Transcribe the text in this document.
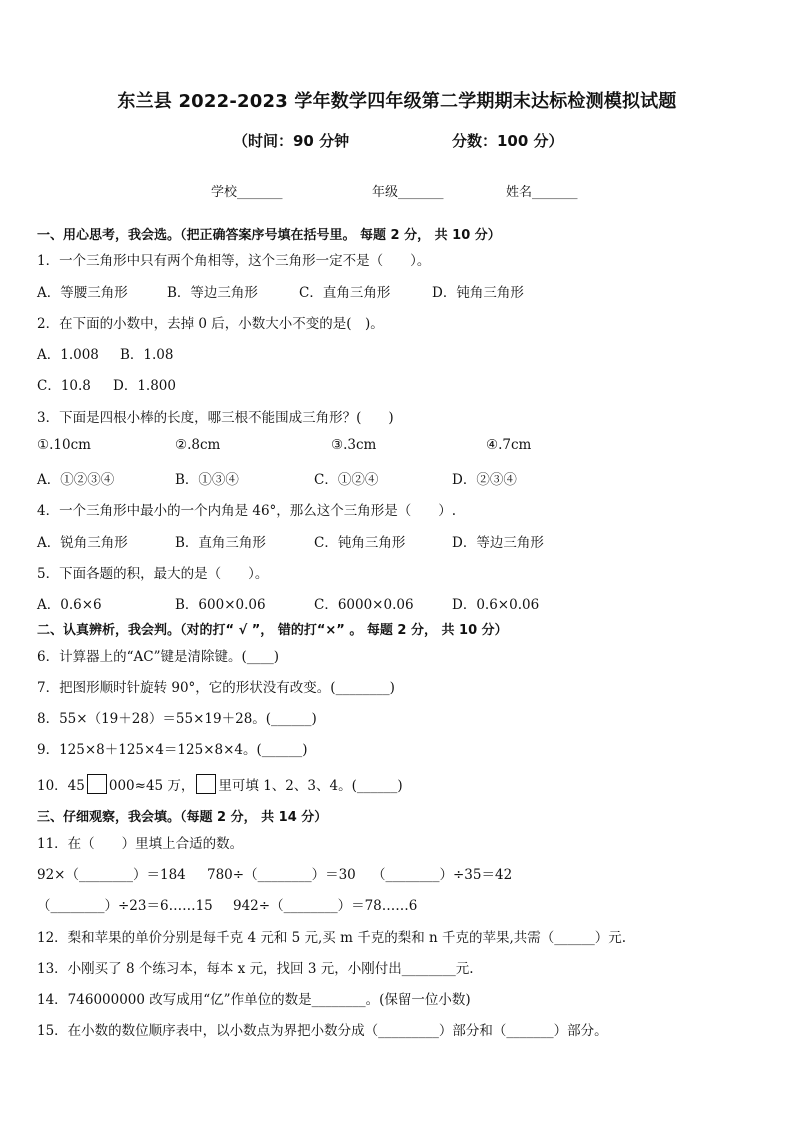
东兰县 2022-2023 学年数学四年级第二学期期末达标检测模拟试题
（时间：90 分钟	分数：100 分）
学校_______	年级_______	姓名_______
一、用心思考，我会选。（把正确答案序号填在括号里。 每题 2 分， 共 10 分）
1．一个三角形中只有两个角相等，这个三角形一定不是（　　）。
A．等腰三角形	B．等边三角形	C．直角三角形	D．钝角三角形
2．在下面的小数中，去掉 0 后，小数大小不变的是(　)。
A．1.008 B．1.08
C．10.8 D．1.800
3．下面是四根小棒的长度，哪三根不能围成三角形？(　　)
①.10cm	②.8cm	③.3cm	④.7cm
A．①②③④	B．①③④	C．①②④	D．②③④
4．一个三角形中最小的一个内角是 46°，那么这个三角形是（　　）.
A．锐角三角形	B．直角三角形	C．钝角三角形	D．等边三角形
5．下面各题的积，最大的是（　　）。
A．0.6×6	B．600×0.06	C．6000×0.06	D．0.6×0.06
二、认真辨析，我会判。（对的打“ √ ”， 错的打“×” 。 每题 2 分， 共 10 分）
6．计算器上的“AC”键是清除键。(____)
7．把图形顺时针旋转 90°，它的形状没有改变。(________)
8．55×（19＋28）＝55×19＋28。(______)
9．125×8＋125×4＝125×8×4。(______)
10．45 000≈45 万， 里可填 1、2、3、4。(______)
三、仔细观察，我会填。（每题 2 分， 共 14 分）
11．在（　　）里填上合适的数。
92×（________）＝184 780÷（________）＝30 （________）÷35＝42
（________）÷23＝6……15 942÷（________）＝78……6
12．梨和苹果的单价分别是每千克 4 元和 5 元,买 m 千克的梨和 n 千克的苹果,共需（______）元.
13．小刚买了 8 个练习本，每本 x 元，找回 3 元，小刚付出________元.
14．746000000 改写成用“亿”作单位的数是________。(保留一位小数)
15．在小数的数位顺序表中，以小数点为界把小数分成（_________）部分和（_______）部分。
